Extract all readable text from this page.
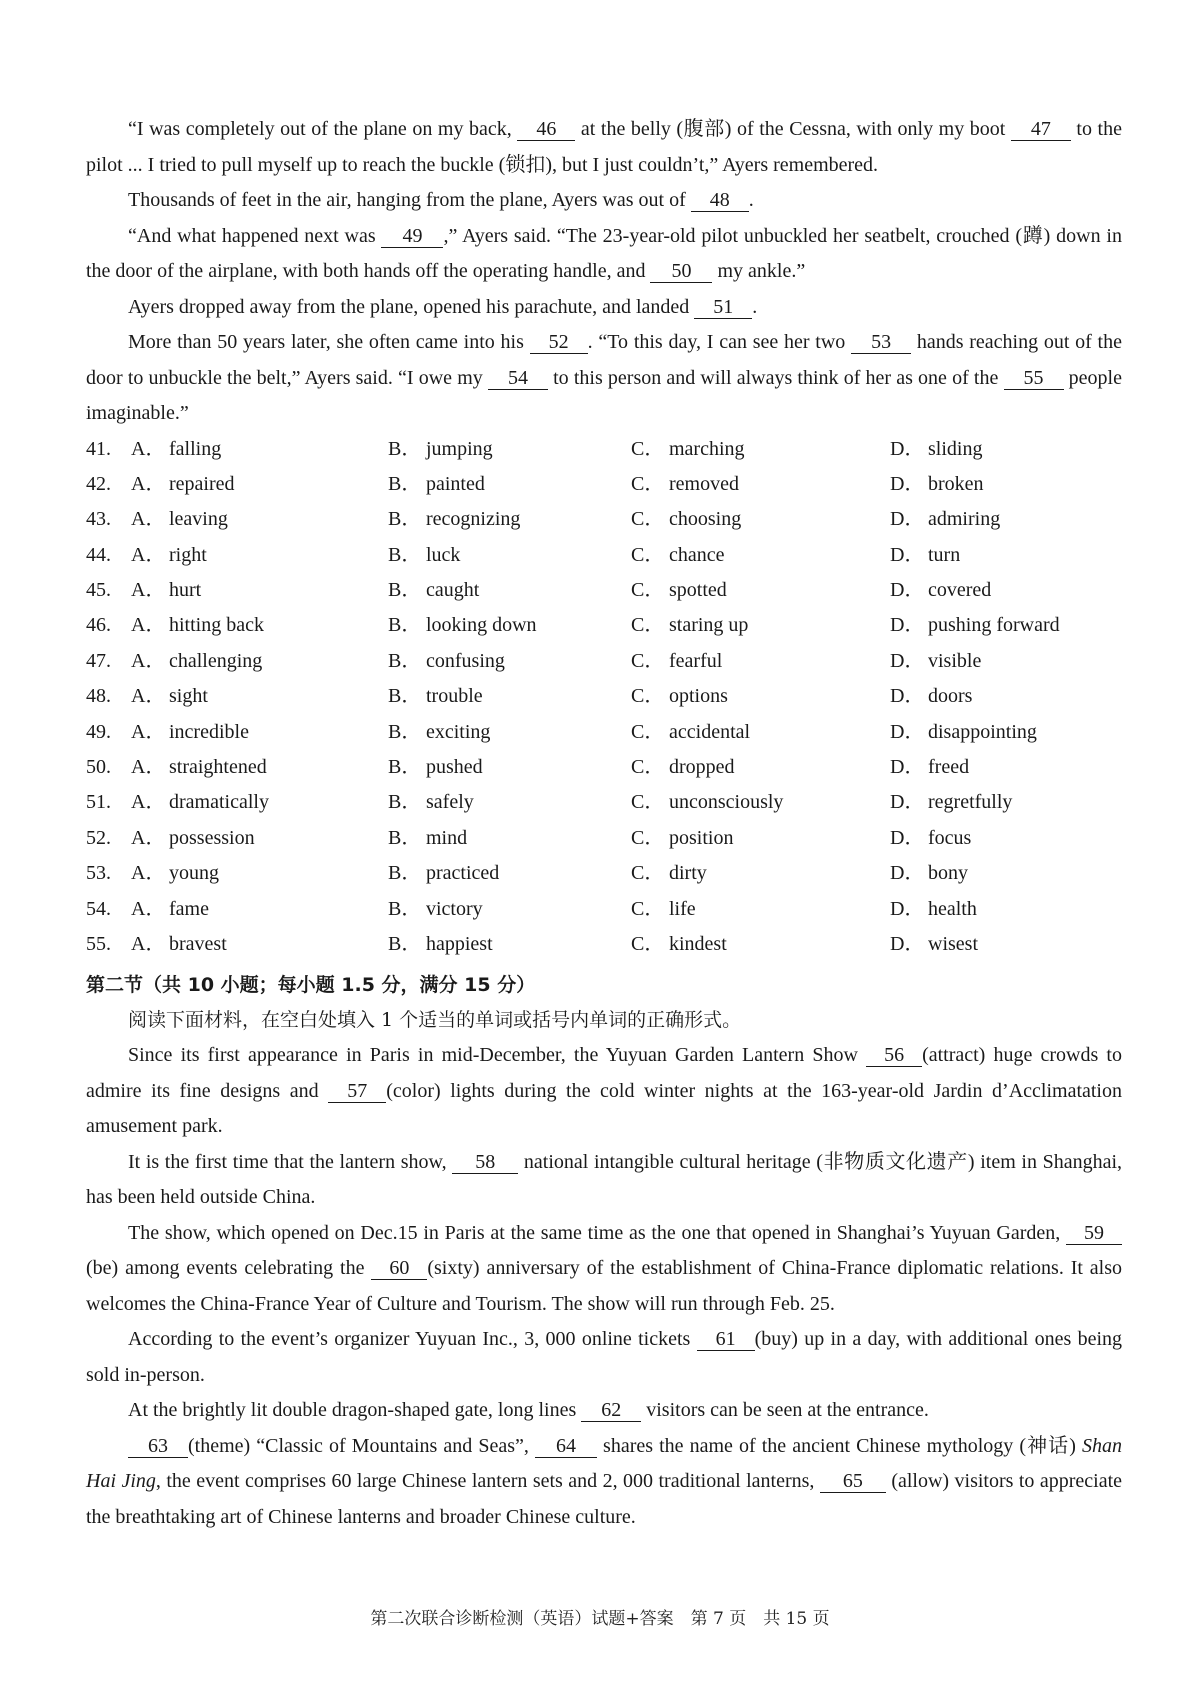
“I was completely out of the plane on my back, 46 at the belly (腹部) of the Cessna, with only my boot 47 to the pilot ... I tried to pull myself up to reach the buckle (锁扣), but I just couldn’t,” Ayers remembered.

Thousands of feet in the air, hanging from the plane, Ayers was out of 48 .

“And what happened next was 49 ,” Ayers said. “The 23-year-old pilot unbuckled her seatbelt, crouched (蹲) down in the door of the airplane, with both hands off the operating handle, and 50 my ankle.”

Ayers dropped away from the plane, opened his parachute, and landed 51 .

More than 50 years later, she often came into his 52 . “To this day, I can see her two 53 hands reaching out of the door to unbuckle the belt,” Ayers said. “I owe my 54 to this person and will always think of her as one of the 55 people imaginable.”

41. A． falling	B． jumping	C． marching	D． sliding
42. A． repaired	B． painted	C． removed	D． broken
43. A． leaving	B． recognizing	C． choosing	D． admiring
44. A． right	B． luck	C． chance	D． turn
45. A． hurt	B． caught	C． spotted	D． covered
46. A． hitting back	B． looking down	C． staring up	D． pushing forward
47. A． challenging	B． confusing	C． fearful	D． visible
48. A． sight	B． trouble	C． options	D． doors
49. A． incredible	B． exciting	C． accidental	D． disappointing
50. A． straightened	B． pushed	C． dropped	D． freed
51. A． dramatically	B． safely	C． unconsciously	D． regretfully
52. A． possession	B． mind	C． position	D． focus
53. A． young	B． practiced	C． dirty	D． bony
54. A． fame	B． victory	C． life	D． health
55. A． bravest	B． happiest	C． kindest	D． wisest
第二节（共 10 小题；每小题 1.5 分，满分 15 分）

阅读下面材料，在空白处填入 1 个适当的单词或括号内单词的正确形式。

Since its first appearance in Paris in mid-December, the Yuyuan Garden Lantern Show 56 (attract) huge crowds to admire its fine designs and 57 (color) lights during the cold winter nights at the 163-year-old Jardin d’Acclimatation amusement park.

It is the first time that the lantern show, 58 national intangible cultural heritage (非物质文化遗产) item in Shanghai, has been held outside China.

The show, which opened on Dec.15 in Paris at the same time as the one that opened in Shanghai’s Yuyuan Garden, 59(be) among events celebrating the 60 (sixty) anniversary of the establishment of China-France diplomatic relations. It also welcomes the China-France Year of Culture and Tourism. The show will run through Feb. 25.

According to the event’s organizer Yuyuan Inc., 3, 000 online tickets 61 (buy) up in a day, with additional ones being sold in-person.

At the brightly lit double dragon-shaped gate, long lines 62 visitors can be seen at the entrance.

63 (theme) “Classic of Mountains and Seas”, 64 shares the name of the ancient Chinese mythology (神话) Shan Hai Jing, the event comprises 60 large Chinese lantern sets and 2, 000 traditional lanterns, 65 (allow) visitors to appreciate the breathtaking art of Chinese lanterns and broader Chinese culture.

第二次联合诊断检测（英语）试题+答案　第 7 页　共 15 页
